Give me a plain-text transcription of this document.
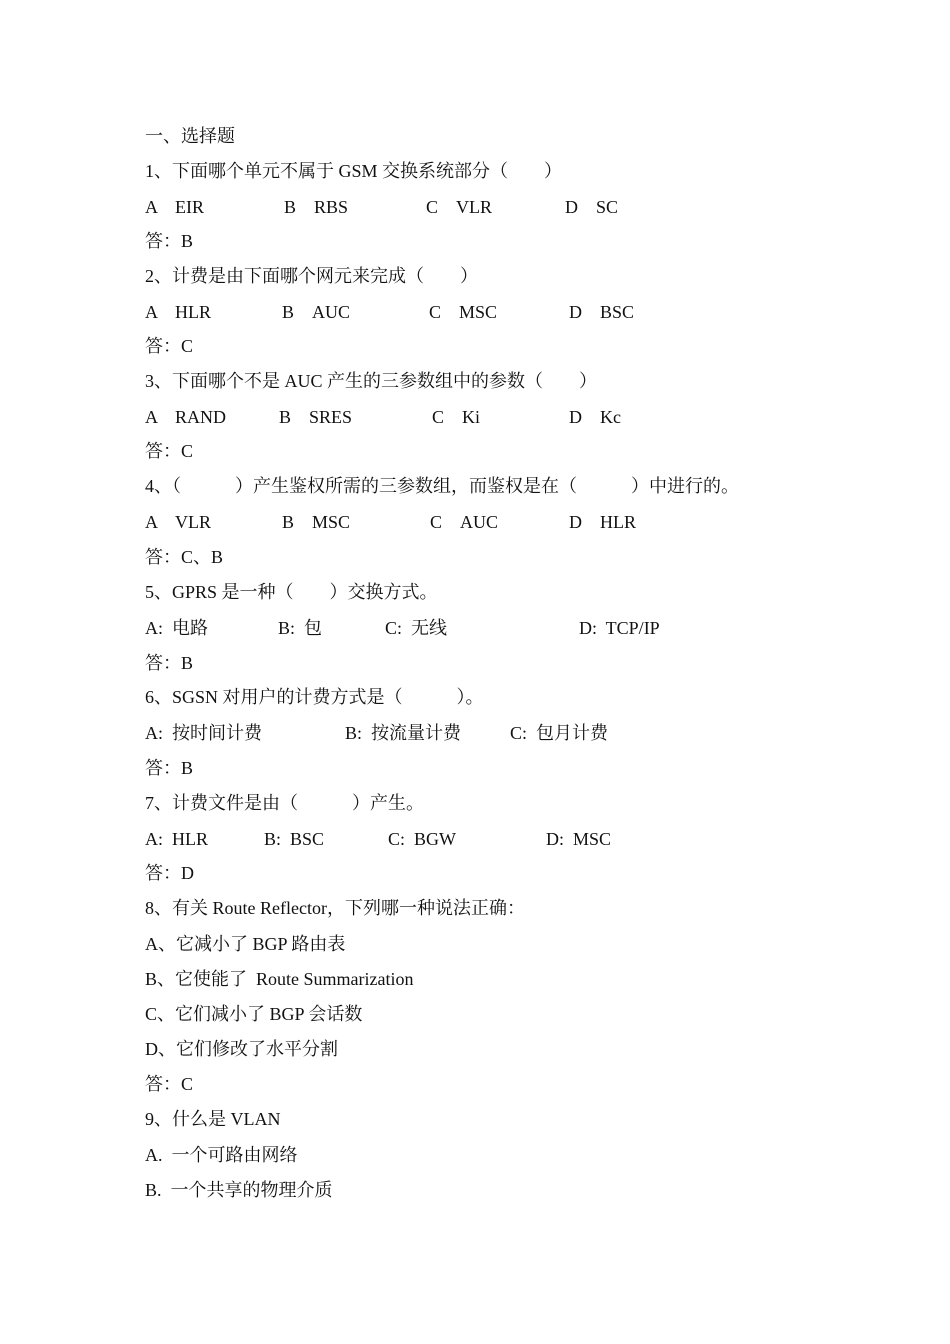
一、选择题
1、下面哪个单元不属于 GSM 交换系统部分（　　）

A　EIR

	B　RBS

	C　VLR

	D　SC

答：B
2、计费是由下面哪个网元来完成（　　）

A　HLR

	B　AUC

	C　MSC

	D　BSC

答：C
3、下面哪个不是 AUC 产生的三参数组中的参数（　　）

A　RAND

	B　SRES

	C　Ki

	D　Kc

答：C
4、（　　　）产生鉴权所需的三参数组，而鉴权是在（　　　）中进行的。

A　VLR

	B　MSC

	C　AUC

	D　HLR

答：C、B
5、GPRS 是一种（　　）交换方式。

A:  电路

	B:  包

	C:  无线

	D:  TCP/IP

答：B
6、SGSN 对用户的计费方式是（　　　）。

A:  按时间计费

	B:  按流量计费

	C:  包月计费

答：B
7、计费文件是由（　　　）产生。

A:  HLR

	B:  BSC

	C:  BGW

	D:  MSC

答：D
8、有关 Route Reflector，下列哪一种说法正确：
A、它减小了 BGP 路由表
B、它使能了  Route Summarization
C、它们减小了 BGP 会话数
D、它们修改了水平分割
答：C
9、什么是 VLAN
A.  一个可路由网络
B.  一个共享的物理介质
